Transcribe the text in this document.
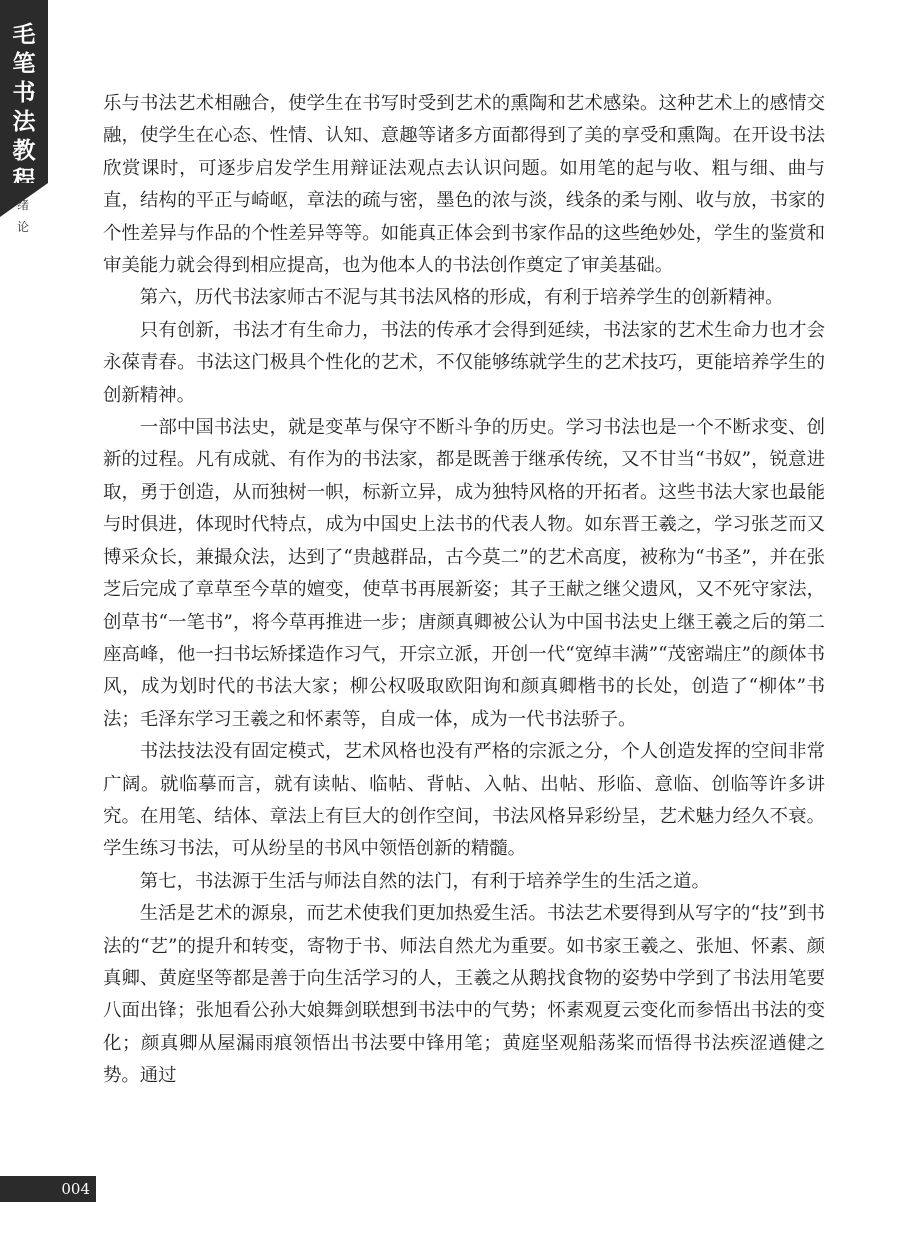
毛
笔
书
法
教
程
绪
论

乐与书法艺术相融合，使学生在书写时受到艺术的熏陶和艺术感染。这种艺术上的感情交融，使学生在心态、性情、认知、意趣等诸多方面都得到了美的享受和熏陶。在开设书法欣赏课时，可逐步启发学生用辩证法观点去认识问题。如用笔的起与收、粗与细、曲与直，结构的平正与崎岖，章法的疏与密，墨色的浓与淡，线条的柔与刚、收与放，书家的个性差异与作品的个性差异等等。如能真正体会到书家作品的这些绝妙处，学生的鉴赏和审美能力就会得到相应提高，也为他本人的书法创作奠定了审美基础。

第六，历代书法家师古不泥与其书法风格的形成，有利于培养学生的创新精神。

只有创新，书法才有生命力，书法的传承才会得到延续，书法家的艺术生命力也才会永葆青春。书法这门极具个性化的艺术，不仅能够练就学生的艺术技巧，更能培养学生的创新精神。

一部中国书法史，就是变革与保守不断斗争的历史。学习书法也是一个不断求变、创新的过程。凡有成就、有作为的书法家，都是既善于继承传统，又不甘当“书奴”，锐意进取，勇于创造，从而独树一帜，标新立异，成为独特风格的开拓者。这些书法大家也最能与时俱进，体现时代特点，成为中国史上法书的代表人物。如东晋王羲之，学习张芝而又博采众长，兼撮众法，达到了“贵越群品，古今莫二”的艺术高度，被称为“书圣”，并在张芝后完成了章草至今草的嬗变，使草书再展新姿；其子王献之继父遗风，又不死守家法，创草书“一笔书”，将今草再推进一步；唐颜真卿被公认为中国书法史上继王羲之后的第二座高峰，他一扫书坛矫揉造作习气，开宗立派，开创一代“宽绰丰满”“茂密端庄”的颜体书风，成为划时代的书法大家；柳公权吸取欧阳询和颜真卿楷书的长处，创造了“柳体”书法；毛泽东学习王羲之和怀素等，自成一体，成为一代书法骄子。

书法技法没有固定模式，艺术风格也没有严格的宗派之分，个人创造发挥的空间非常广阔。就临摹而言，就有读帖、临帖、背帖、入帖、出帖、形临、意临、创临等许多讲究。在用笔、结体、章法上有巨大的创作空间，书法风格异彩纷呈，艺术魅力经久不衰。学生练习书法，可从纷呈的书风中领悟创新的精髓。

第七，书法源于生活与师法自然的法门，有利于培养学生的生活之道。

生活是艺术的源泉，而艺术使我们更加热爱生活。书法艺术要得到从写字的“技”到书法的“艺”的提升和转变，寄物于书、师法自然尤为重要。如书家王羲之、张旭、怀素、颜真卿、黄庭坚等都是善于向生活学习的人，王羲之从鹅找食物的姿势中学到了书法用笔要八面出锋；张旭看公孙大娘舞剑联想到书法中的气势；怀素观夏云变化而参悟出书法的变化；颜真卿从屋漏雨痕领悟出书法要中锋用笔；黄庭坚观船荡桨而悟得书法疾涩遒健之势。通过

004
